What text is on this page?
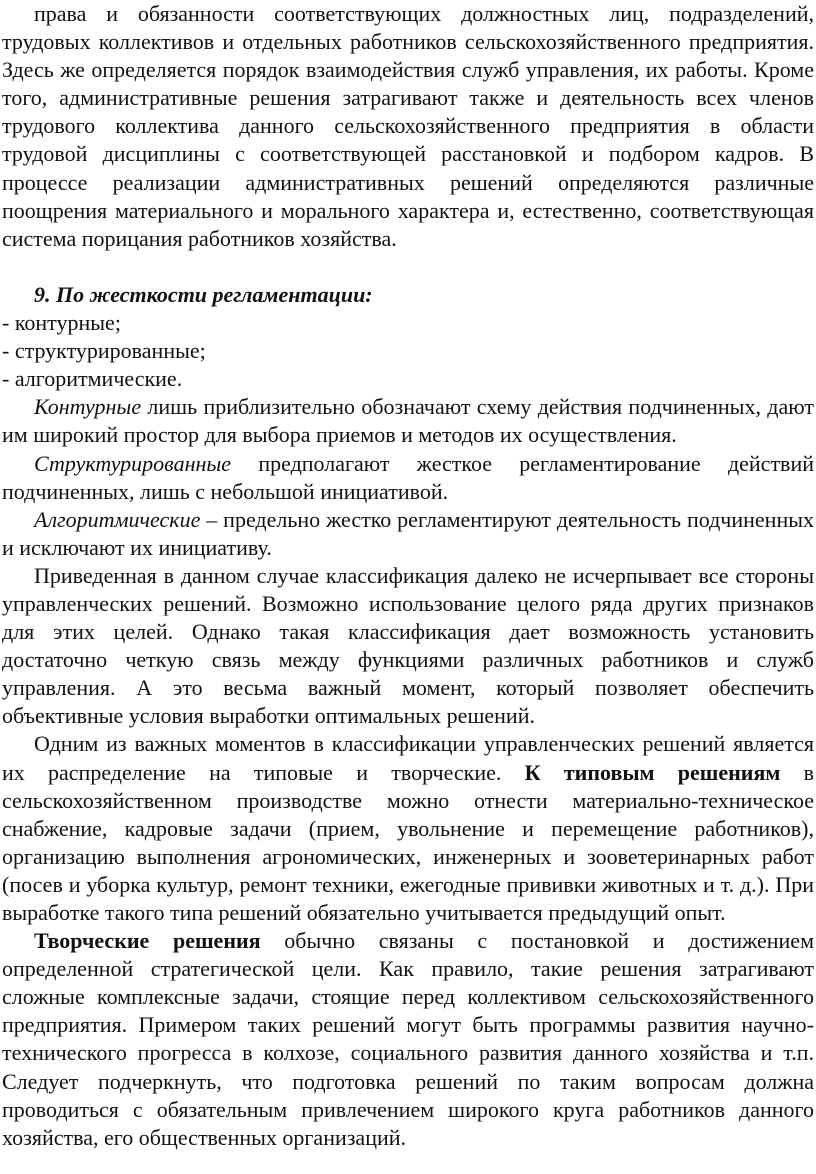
права и обязанности соответствующих должностных лиц, подразделений, трудовых коллективов и отдельных работников сельскохозяйственного предприятия. Здесь же определяется порядок взаимодействия служб управления, их работы. Кроме того, административные решения затрагивают также и деятельность всех членов трудового коллектива данного сельскохозяйственного предприятия в области трудовой дисциплины с соответствующей расстановкой и подбором кадров. В процессе реализации административных решений определяются различные поощрения материального и морального характера и, естественно, соответствующая система порицания работников хозяйства.

9. По жесткости регламентации:

- контурные;

- структурированные;

- алгоритмические.

Контурные лишь приблизительно обозначают схему действия подчиненных, дают им широкий простор для выбора приемов и методов их осуществления.

Структурированные предполагают жесткое регламентирование действий подчиненных, лишь с небольшой инициативой.

Алгоритмические – предельно жестко регламентируют деятельность подчиненных и исключают их инициативу.

Приведенная в данном случае классификация далеко не исчерпывает все стороны управленческих решений. Возможно использование целого ряда других признаков для этих целей. Однако такая классификация дает возможность установить достаточно четкую связь между функциями различных работников и служб управления. А это весьма важный момент, который позволяет обеспечить объективные условия выработки оптимальных решений.

Одним из важных моментов в классификации управленческих решений является их распределение на типовые и творческие. К типовым решениям в сельскохозяйственном производстве можно отнести материально-техническое снабжение, кадровые задачи (прием, увольнение и перемещение работников), организацию выполнения агрономических, инженерных и зооветеринарных работ (посев и уборка культур, ремонт техники, ежегодные прививки животных и т. д.). При выработке такого типа решений обязательно учитывается предыдущий опыт.

Творческие решения обычно связаны с постановкой и достижением определенной стратегической цели. Как правило, такие решения затрагивают сложные комплексные задачи, стоящие перед коллективом сельскохозяйственного предприятия. Примером таких решений могут быть программы развития научно-технического прогресса в колхозе, социального развития данного хозяйства и т.п. Следует подчеркнуть, что подготовка решений по таким вопросам должна проводиться с обязательным привлечением широкого круга работников данного хозяйства, его общественных организаций.
